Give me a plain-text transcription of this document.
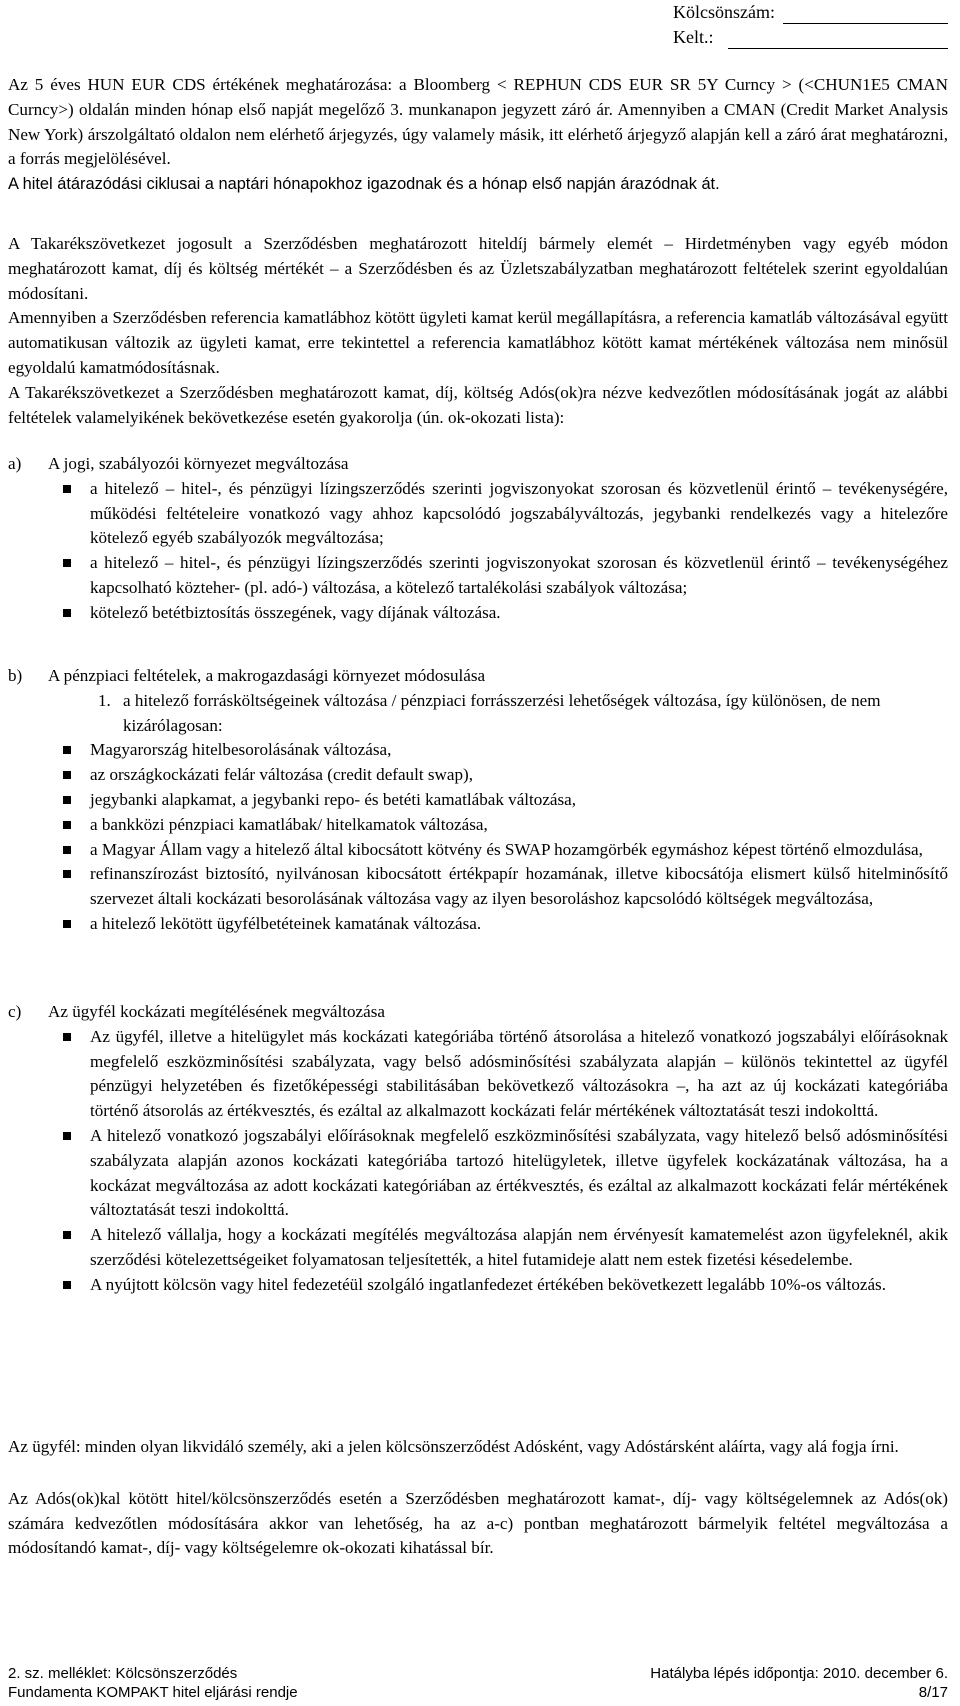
Kölcsönszám:
Kelt.:

Az 5 éves HUN EUR CDS értékének meghatározása: a Bloomberg < REPHUN CDS EUR SR 5Y Curncy > (<CHUN1E5 CMAN Curncy>) oldalán minden hónap első napját megelőző 3. munkanapon jegyzett záró ár. Amennyiben a CMAN (Credit Market Analysis New York) árszolgáltató oldalon nem elérhető árjegyzés, úgy valamely másik, itt elérhető árjegyző alapján kell a záró árat meghatározni, a forrás megjelölésével.

A hitel átárazódási ciklusai a naptári hónapokhoz igazodnak és a hónap első napján árazódnak át.

A Takarékszövetkezet jogosult a Szerződésben meghatározott hiteldíj bármely elemét – Hirdetményben vagy egyéb módon meghatározott kamat, díj és költség mértékét – a Szerződésben és az Üzletszabályzatban meghatározott feltételek szerint egyoldalúan módosítani.

Amennyiben a Szerződésben referencia kamatlábhoz kötött ügyleti kamat kerül megállapításra, a referencia kamatláb változásával együtt automatikusan változik az ügyleti kamat, erre tekintettel a referencia kamatlábhoz kötött kamat mértékének változása nem minősül egyoldalú kamatmódosításnak.

A Takarékszövetkezet a Szerződésben meghatározott kamat, díj, költség Adós(ok)ra nézve kedvezőtlen módosításának jogát az alábbi feltételek valamelyikének bekövetkezése esetén gyakorolja (ún. ok-okozati lista):

a)	A jogi, szabályozói környezet megváltozása
a hitelező – hitel-, és pénzügyi lízingszerződés szerinti jogviszonyokat szorosan és közvetlenül érintő – tevékenységére, működési feltételeire vonatkozó vagy ahhoz kapcsolódó jogszabályváltozás, jegybanki rendelkezés vagy a hitelezőre kötelező egyéb szabályozók megváltozása;
a hitelező – hitel-, és pénzügyi lízingszerződés szerinti jogviszonyokat szorosan és közvetlenül érintő – tevékenységéhez kapcsolható közteher- (pl. adó-) változása, a kötelező tartalékolási szabályok változása;
kötelező betétbiztosítás összegének, vagy díjának változása.
b)	A pénzpiaci feltételek, a makrogazdasági környezet módosulása

1. a hitelező forrásköltségeinek változása / pénzpiaci forrásszerzési lehetőségek változása, így különösen, de nem kizárólagosan:

Magyarország hitelbesorolásának változása,
az országkockázati felár változása (credit default swap),
jegybanki alapkamat, a jegybanki repo- és betéti kamatlábak változása,
a bankközi pénzpiaci kamatlábak/ hitelkamatok változása,
a Magyar Állam vagy a hitelező által kibocsátott kötvény és SWAP hozamgörbék egymáshoz képest történő elmozdulása,
refinanszírozást biztosító, nyilvánosan kibocsátott értékpapír hozamának, illetve kibocsátója elismert külső hitelminősítő szervezet általi kockázati besorolásának változása vagy az ilyen besoroláshoz kapcsolódó költségek megváltozása,
a hitelező lekötött ügyfélbetéteinek kamatának változása.
c)	Az ügyfél kockázati megítélésének megváltozása
Az ügyfél, illetve a hitelügylet más kockázati kategóriába történő átsorolása a hitelező vonatkozó jogszabályi előírásoknak megfelelő eszközminősítési szabályzata, vagy belső adósminősítési szabályzata alapján – különös tekintettel az ügyfél pénzügyi helyzetében és fizetőképességi stabilitásában bekövetkező változásokra –, ha azt az új kockázati kategóriába történő átsorolás az értékvesztés, és ezáltal az alkalmazott kockázati felár mértékének változtatását teszi indokolttá.
A hitelező vonatkozó jogszabályi előírásoknak megfelelő eszközminősítési szabályzata, vagy hitelező belső adósminősítési szabályzata alapján azonos kockázati kategóriába tartozó hitelügyletek, illetve ügyfelek kockázatának változása, ha a kockázat megváltozása az adott kockázati kategóriában az értékvesztés, és ezáltal az alkalmazott kockázati felár mértékének változtatását teszi indokolttá.
A hitelező vállalja, hogy a kockázati megítélés megváltozása alapján nem érvényesít kamatemelést azon ügyfeleknél, akik szerződési kötelezettségeiket folyamatosan teljesítették, a hitel futamideje alatt nem estek fizetési késedelembe.
A nyújtott kölcsön vagy hitel fedezetéül szolgáló ingatlanfedezet értékében bekövetkezett legalább 10%-os változás.

Az ügyfél: minden olyan likvidáló személy, aki a jelen kölcsönszerződést Adósként, vagy Adóstársként aláírta, vagy alá fogja írni.

Az Adós(ok)kal kötött hitel/kölcsönszerződés esetén a Szerződésben meghatározott kamat-, díj- vagy költségelemnek az Adós(ok) számára kedvezőtlen módosítására akkor van lehetőség, ha az a-c) pontban meghatározott bármelyik feltétel megváltozása a módosítandó kamat-, díj- vagy költségelemre ok-okozati kihatással bír.

2. sz. melléklet: Kölcsönszerződés	Hatályba lépés időpontja: 2010. december 6.
Fundamenta KOMPAKT hitel eljárási rendje	8/17
